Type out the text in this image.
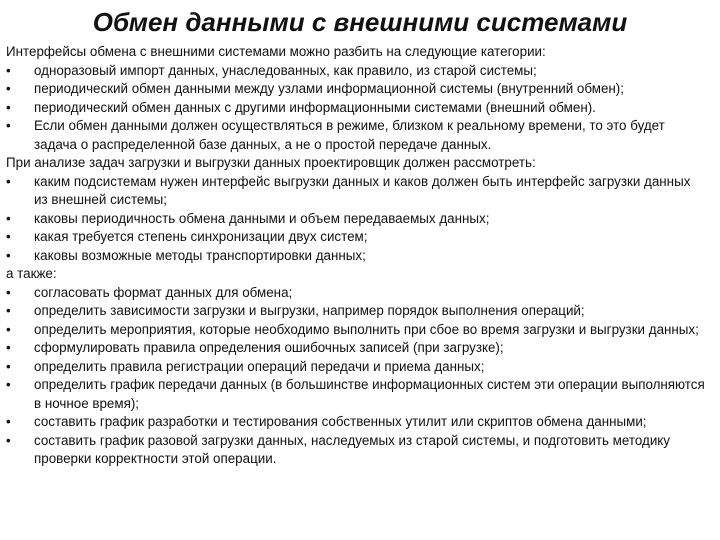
Обмен данными с внешними системами

Интерфейсы обмена с внешними системами можно разбить на следующие категории:

• одноразовый импорт данных, унаследованных, как правило, из старой системы;
• периодический обмен данными между узлами информационной системы (внутренний обмен);
• периодический обмен данных с другими информационными системами (внешний обмен).
• Если обмен данными должен осуществляться в режиме, близком к реальному времени, то это будет задача о распределенной базе данных, а не о простой передаче данных.

При анализе задач загрузки и выгрузки данных проектировщик должен рассмотреть:

• каким подсистемам нужен интерфейс выгрузки данных и каков должен быть интерфейс загрузки данных из внешней системы;
• каковы периодичность обмена данными и объем передаваемых данных;
• какая требуется степень синхронизации двух систем;
• каковы возможные методы транспортировки данных;

а также:

• согласовать формат данных для обмена;
• определить зависимости загрузки и выгрузки, например порядок выполнения операций;
• определить мероприятия, которые необходимо выполнить при сбое во время загрузки и выгрузки данных;
• сформулировать правила определения ошибочных записей (при загрузке);
• определить правила регистрации операций передачи и приема данных;
• определить график передачи данных (в большинстве информационных систем эти операции выполняются в ночное время);
• составить график разработки и тестирования собственных утилит или скриптов обмена данными;
• составить график разовой загрузки данных, наследуемых из старой системы, и подготовить методику проверки корректности этой операции.
